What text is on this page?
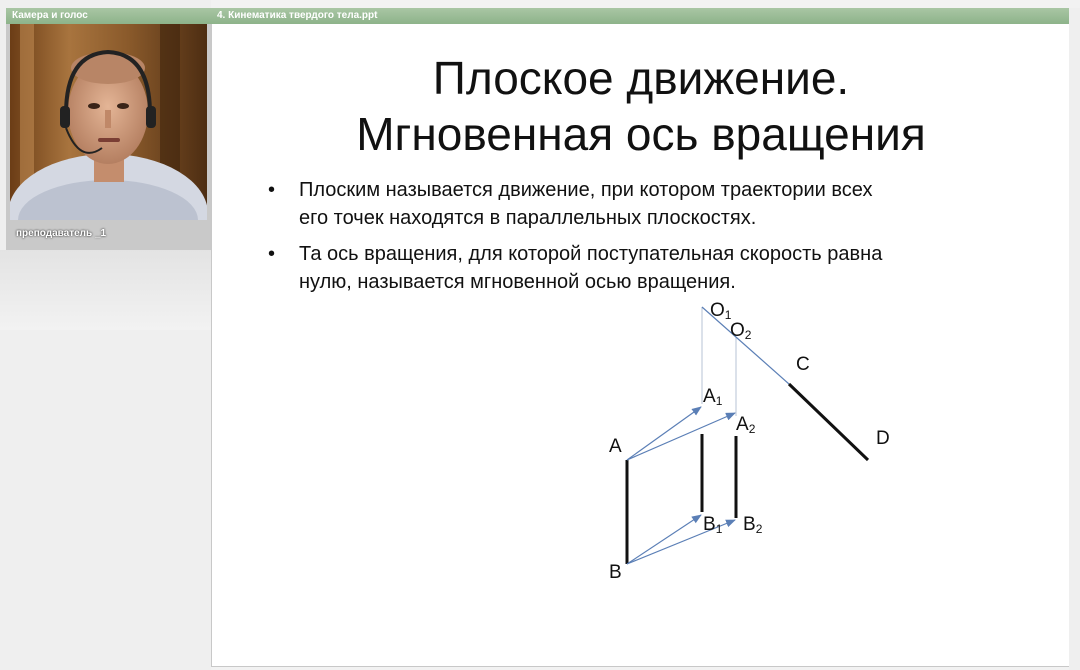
Камера и голос
преподаватель _1
4. Кинематика твердого тела.ppt
Плоское движение.
Мгновенная ось вращения
•	Плоским называется движение, при котором траектории всех
его точек находятся в параллельных плоскостях.
•	Та ось вращения, для которой поступательная скорость равна
нулю, называется мгновенной осью вращения.
O1
O2
C
D
A
B
A1
A2
B1 B2
